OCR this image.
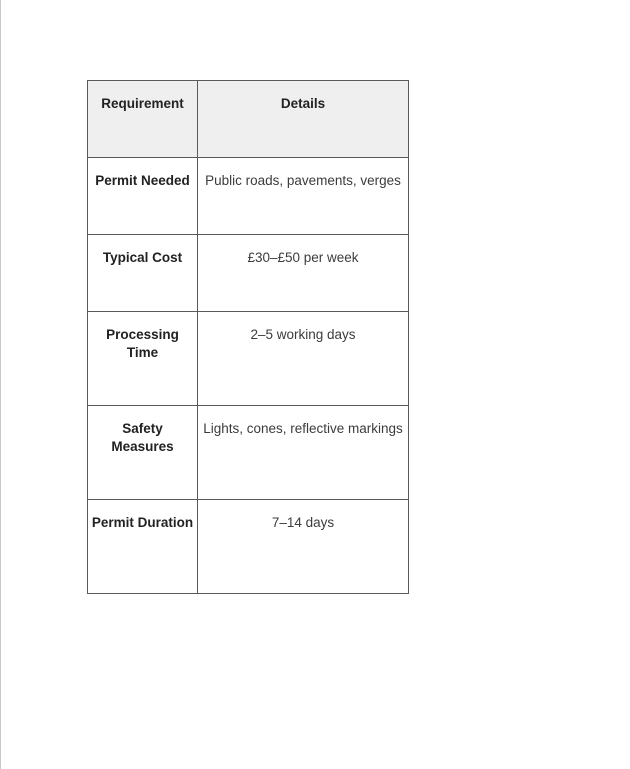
Requirement	Details
Permit Needed	Public roads, pavements, verges
Typical Cost	£30–£50 per week
Processing Time	2–5 working days
Safety Measures	Lights, cones, reflective markings
Permit Duration	7–14 days
